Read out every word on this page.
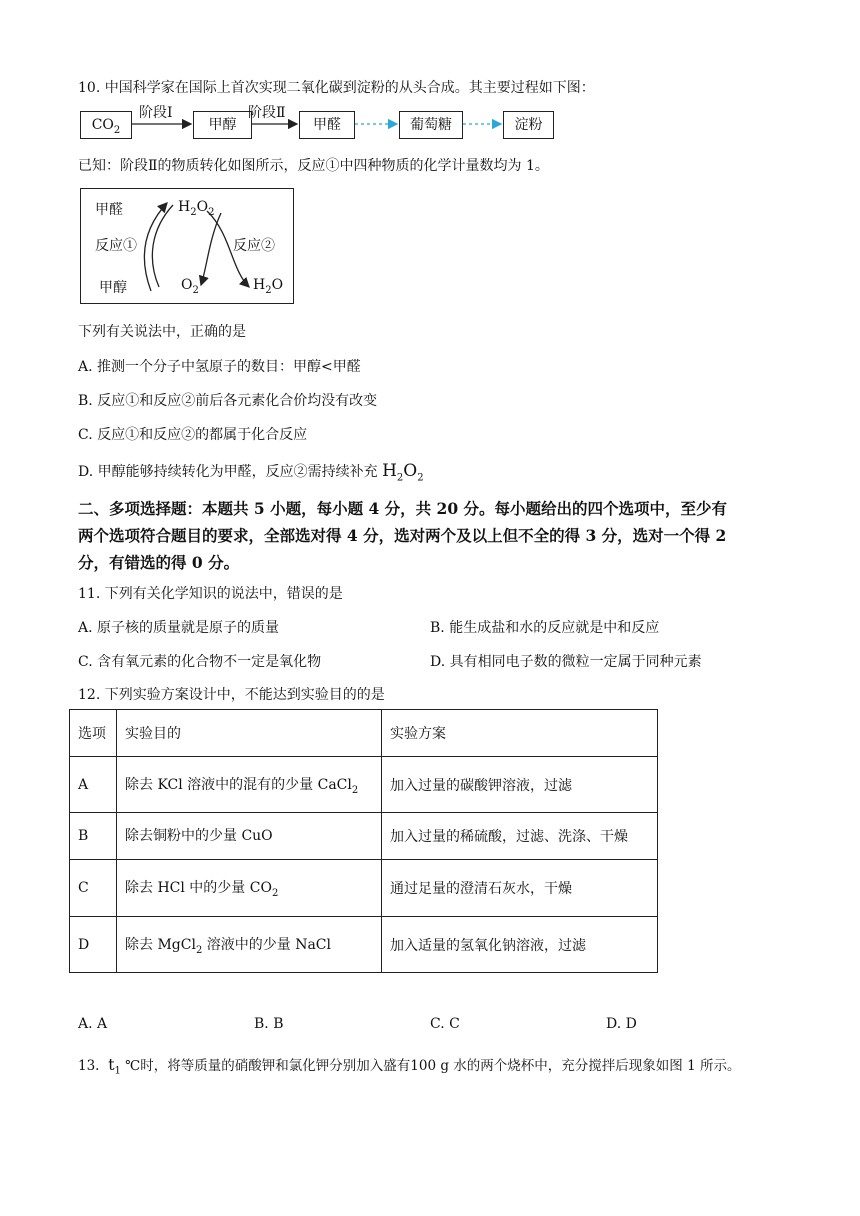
10. 中国科学家在国际上首次实现二氧化碳到淀粉的从头合成。其主要过程如下图：
$CO_2$
阶段Ⅰ
甲醇
阶段Ⅱ
甲醛	葡萄糖	淀粉
已知：阶段Ⅱ的物质转化如图所示，反应①中四种物质的化学计量数均为 1。
甲醛	$H_2O_2$
反应①	反应②
甲醇	$O_2$	$H_2O$
下列有关说法中，正确的是
A. 推测一个分子中氢原子的数目：甲醇<甲醛
B. 反应①和反应②前后各元素化合价均没有改变
C. 反应①和反应②的都属于化合反应
D. 甲醇能够持续转化为甲醛，反应②需持续补充 $H_2O_2$
二、多项选择题：本题共 5 小题，每小题 4 分，共 20 分。每小题给出的四个选项中，至少有
两个选项符合题目的要求，全部选对得 4 分，选对两个及以上但不全的得 3 分，选对一个得 2
分，有错选的得 0 分。
11. 下列有关化学知识的说法中，错误的是
A. 原子核的质量就是原子的质量	B. 能生成盐和水的反应就是中和反应
C. 含有氧元素的化合物不一定是氧化物	D. 具有相同电子数的微粒一定属于同种元素
12. 下列实验方案设计中，不能达到实验目的的是
选项	实验目的	实验方案
A	除去 KCl 溶液中的混有的少量 CaCl$_2$	加入过量的碳酸钾溶液，过滤
B	除去铜粉中的少量 CuO	加入过量的稀硫酸，过滤、洗涤、干燥
C	除去 HCl 中的少量 $CO_2$	通过足量的澄清石灰水，干燥
D	除去 MgCl$_2$ 溶液中的少量 NaCl	加入适量的氢氧化钠溶液，过滤
A. A	B. B	C. C	D. D
13. $t_1$ ℃时，将等质量的硝酸钾和氯化钾分别加入盛有100 g 水的两个烧杯中，充分搅拌后现象如图 1 所示。
